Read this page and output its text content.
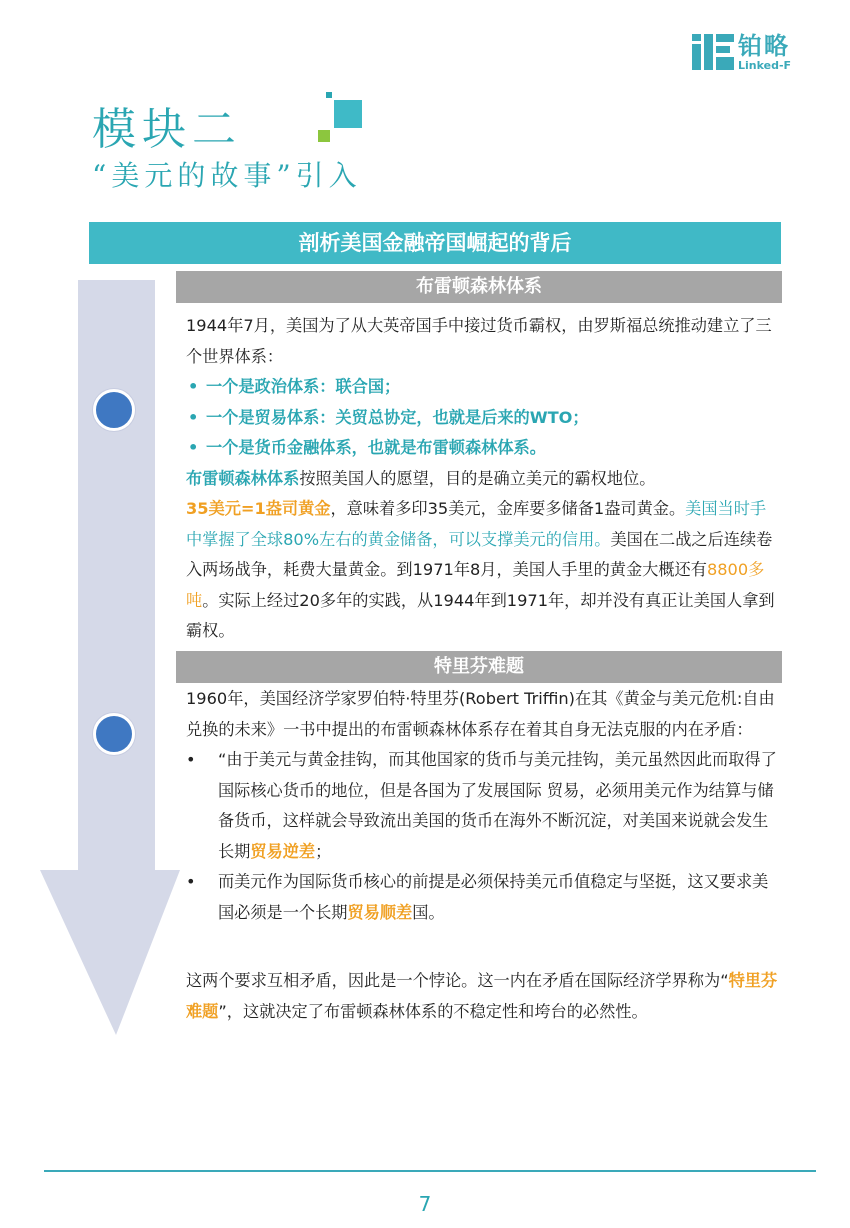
铂略
Linked-F
模块二
“美元的故事”引入
剖析美国金融帝国崛起的背后
布雷顿森林体系

1944年7月，美国为了从大英帝国手中接过货币霸权，由罗斯福总统推动建立了三个世界体系：

• 一个是政治体系：联合国；
• 一个是贸易体系：关贸总协定，也就是后来的WTO；
• 一个是货币金融体系，也就是布雷顿森林体系。

布雷顿森林体系按照美国人的愿望，目的是确立美元的霸权地位。

35美元=1盎司黄金，意味着多印35美元，金库要多储备1盎司黄金。美国当时手中掌握了全球80%左右的黄金储备，可以支撑美元的信用。美国在二战之后连续卷入两场战争，耗费大量黄金。到1971年8月，美国人手里的黄金大概还有8800多吨。实际上经过20多年的实践，从1944年到1971年，却并没有真正让美国人拿到霸权。

特里芬难题

1960年，美国经济学家罗伯特·特里芬(Robert Triffin)在其《黄金与美元危机:自由兑换的未来》一书中提出的布雷顿森林体系存在着其自身无法克服的内在矛盾：

•	“由于美元与黄金挂钩，而其他国家的货币与美元挂钩，美元虽然因此而取得了国际核心货币的地位，但是各国为了发展国际 贸易，必须用美元作为结算与储备货币，这样就会导致流出美国的货币在海外不断沉淀，对美国来说就会发生长期贸易逆差；
•	而美元作为国际货币核心的前提是必须保持美元币值稳定与坚挺，这又要求美国必须是一个长期贸易顺差国。

这两个要求互相矛盾，因此是一个悖论。这一内在矛盾在国际经济学界称为“特里芬难题”，这就决定了布雷顿森林体系的不稳定性和垮台的必然性。

7
